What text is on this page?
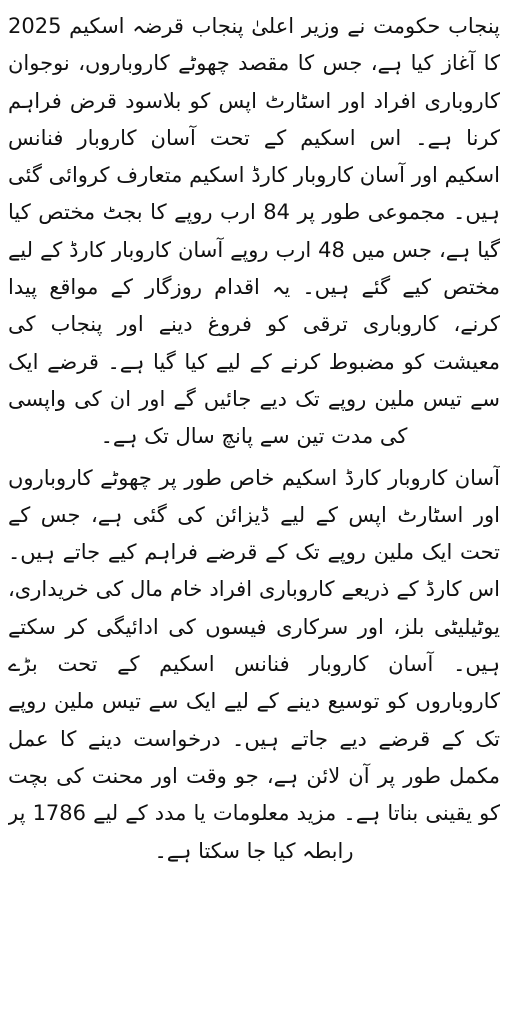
پنجاب حکومت نے وزیر اعلیٰ پنجاب قرضہ اسکیم 2025 کا آغاز کیا ہے، جس کا مقصد چھوٹے کاروباروں، نوجوان کاروباری افراد اور اسٹارٹ اپس کو بلاسود قرض فراہم کرنا ہے۔ اس اسکیم کے تحت آسان کاروبار فنانس اسکیم اور آسان کاروبار کارڈ اسکیم متعارف کروائی گئی ہیں۔ مجموعی طور پر 84 ارب روپے کا بجٹ مختص کیا گیا ہے، جس میں 48 ارب روپے آسان کاروبار کارڈ کے لیے مختص کیے گئے ہیں۔ یہ اقدام روزگار کے مواقع پیدا کرنے، کاروباری ترقی کو فروغ دینے اور پنجاب کی معیشت کو مضبوط کرنے کے لیے کیا گیا ہے۔ قرضے ایک سے تیس ملین روپے تک دیے جائیں گے اور ان کی واپسی کی مدت تین سے پانچ سال تک ہے۔

آسان کاروبار کارڈ اسکیم خاص طور پر چھوٹے کاروباروں اور اسٹارٹ اپس کے لیے ڈیزائن کی گئی ہے، جس کے تحت ایک ملین روپے تک کے قرضے فراہم کیے جاتے ہیں۔ اس کارڈ کے ذریعے کاروباری افراد خام مال کی خریداری، یوٹیلیٹی بلز، اور سرکاری فیسوں کی ادائیگی کر سکتے ہیں۔ آسان کاروبار فنانس اسکیم کے تحت بڑے کاروباروں کو توسیع دینے کے لیے ایک سے تیس ملین روپے تک کے قرضے دیے جاتے ہیں۔ درخواست دینے کا عمل مکمل طور پر آن لائن ہے، جو وقت اور محنت کی بچت کو یقینی بناتا ہے۔ مزید معلومات یا مدد کے لیے 1786 پر رابطہ کیا جا سکتا ہے۔
